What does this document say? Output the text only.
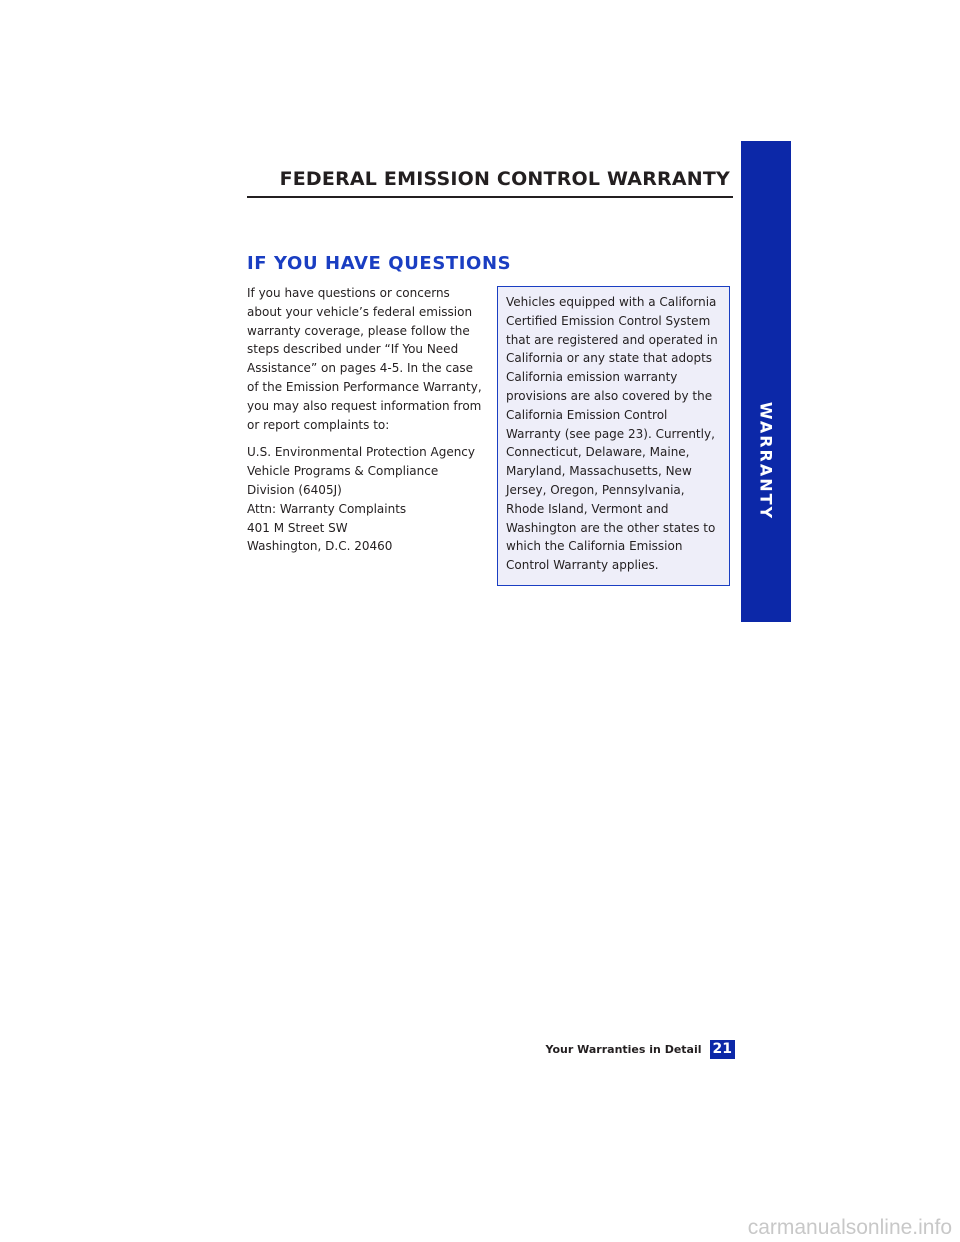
FEDERAL EMISSION CONTROL WARRANTY
WARRANTY
IF YOU HAVE QUESTIONS

If you have questions or concerns about your vehicle’s federal emission warranty coverage, please follow the steps described under “If You Need Assistance” on pages 4-5. In the case of the Emission Performance Warranty, you may also request information from or report complaints to:

U.S. Environmental Protection Agency
Vehicle Programs & Compliance
Division (6405J)
Attn: Warranty Complaints
401 M Street SW
Washington, D.C. 20460

Vehicles equipped with a California Certified Emission Control System that are registered and operated in California or any state that adopts California emission warranty provisions are also covered by the California Emission Control Warranty (see page 23). Currently, Connecticut, Delaware, Maine, Maryland, Massachusetts, New Jersey, Oregon, Pennsylvania, Rhode Island, Vermont and Washington are the other states to which the California Emission Control Warranty applies.

Your Warranties in Detail 21
carmanualsonline.info
